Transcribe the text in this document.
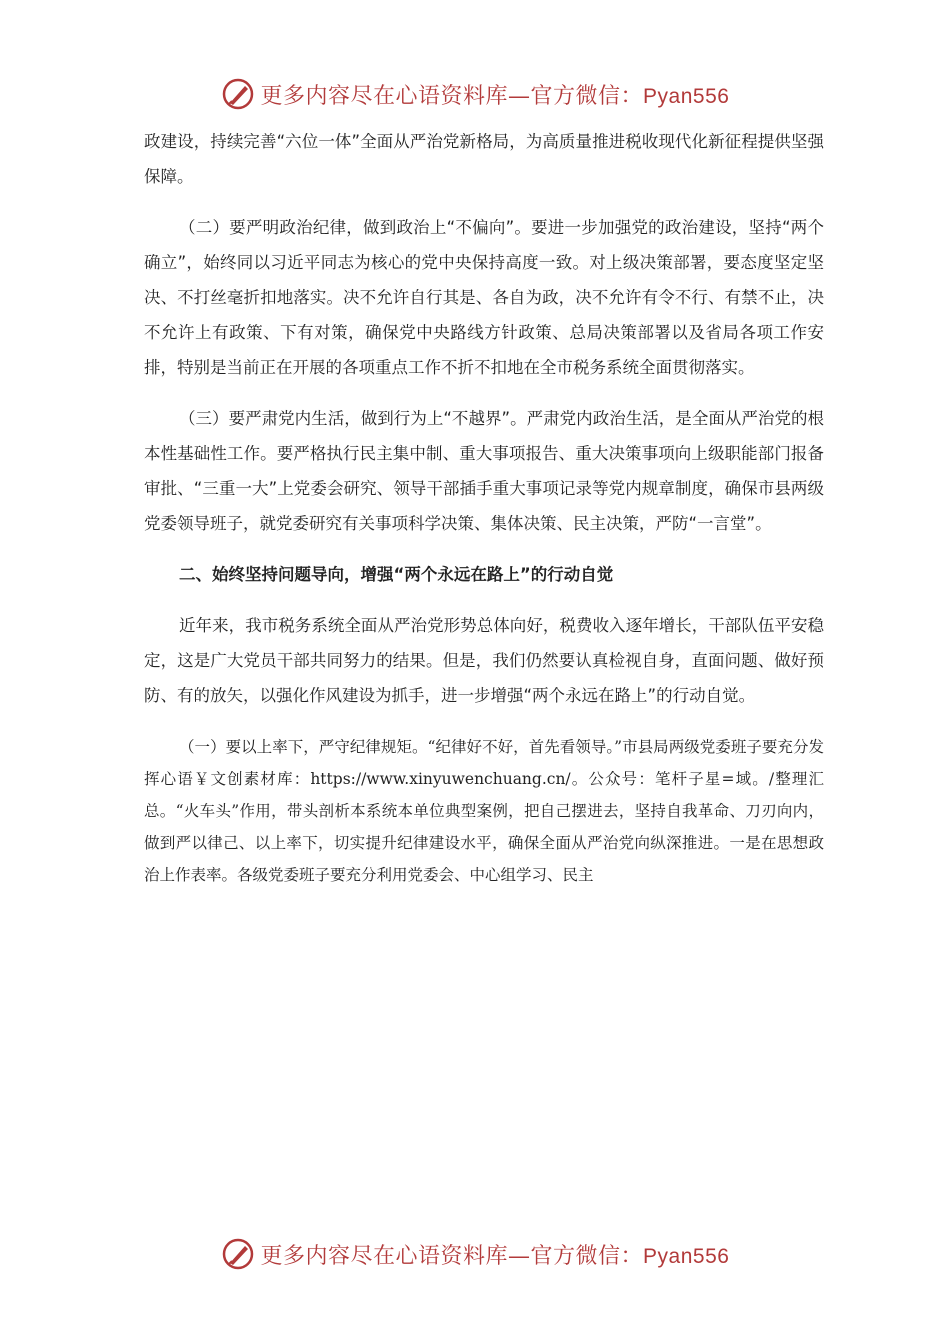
更多内容尽在心语资料库—官方微信：Pyan556

政建设，持续完善“六位一体”全面从严治党新格局，为高质量推进税收现代化新征程提供坚强保障。

（二）要严明政治纪律，做到政治上“不偏向”。要进一步加强党的政治建设，坚持“两个确立”，始终同以习近平同志为核心的党中央保持高度一致。对上级决策部署，要态度坚定坚决、不打丝毫折扣地落实。决不允许自行其是、各自为政，决不允许有令不行、有禁不止，决不允许上有政策、下有对策，确保党中央路线方针政策、总局决策部署以及省局各项工作安排，特别是当前正在开展的各项重点工作不折不扣地在全市税务系统全面贯彻落实。

（三）要严肃党内生活，做到行为上“不越界”。严肃党内政治生活，是全面从严治党的根本性基础性工作。要严格执行民主集中制、重大事项报告、重大决策事项向上级职能部门报备审批、“三重一大”上党委会研究、领导干部插手重大事项记录等党内规章制度，确保市县两级党委领导班子，就党委研究有关事项科学决策、集体决策、民主决策，严防“一言堂”。

二、始终坚持问题导向，增强“两个永远在路上”的行动自觉

近年来，我市税务系统全面从严治党形势总体向好，税费收入逐年增长，干部队伍平安稳定，这是广大党员干部共同努力的结果。但是，我们仍然要认真检视自身，直面问题、做好预防、有的放矢，以强化作风建设为抓手，进一步增强“两个永远在路上”的行动自觉。

（一）要以上率下，严守纪律规矩。“纪律好不好，首先看领导。”市县局两级党委班子要充分发挥心语￥文创素材库：https://www.xinyuwenchuang.cn/。公众号：笔杆子星=域。/整理汇总。“火车头”作用，带头剖析本系统本单位典型案例，把自己摆进去，坚持自我革命、刀刃向内，做到严以律己、以上率下，切实提升纪律建设水平，确保全面从严治党向纵深推进。一是在思想政治上作表率。各级党委班子要充分利用党委会、中心组学习、民主

更多内容尽在心语资料库—官方微信：Pyan556
